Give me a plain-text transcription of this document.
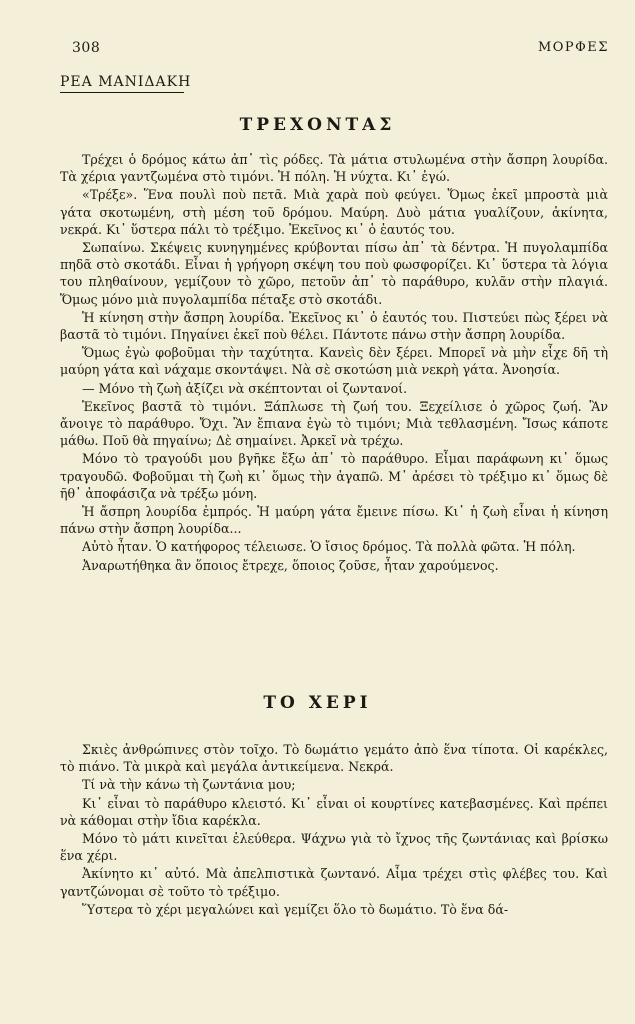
308	ΜΟΡΦΕΣ
ΡΕΑ ΜΑΝΙΔΑΚΗ
ΤΡΕΧΟΝΤΑΣ

Τρέχει ὁ δρόμος κάτω ἀπ᾽ τὶς ρόδες. Τὰ μάτια στυλωμένα στὴν ἄσπρη λουρίδα. Τὰ χέρια γαντζωμένα στὸ τιμόνι. Ἡ πόλη. Ἡ νύχτα. Κι᾽ ἐγώ.

«Τρέξε». Ἕνα πουλὶ ποὺ πετᾶ. Μιὰ χαρὰ ποὺ φεύγει. Ὅμως ἐκεῖ μπροστὰ μιὰ γάτα σκοτωμένη, στὴ μέση τοῦ δρόμου. Μαύρη. Δυὸ μάτια γυαλίζουν, ἀκίνητα, νεκρά. Κι᾽ ὕστερα πάλι τὸ τρέξιμο. Ἐκεῖνος κι᾽ ὁ ἑαυτός του.

Σωπαίνω. Σκέψεις κυνηγημένες κρύβονται πίσω ἀπ᾽ τὰ δέντρα. Ἡ πυγολαμπίδα πηδᾶ στὸ σκοτάδι. Εἶναι ἡ γρήγορη σκέψη του ποὺ φωσφορίζει. Κι᾽ ὕστερα τὰ λόγια του πληθαίνουν, γεμίζουν τὸ χῶρο, πετοῦν ἀπ᾽ τὸ παράθυρο, κυλᾶν στὴν πλαγιά. Ὅμως μόνο μιὰ πυγολαμπίδα πέταξε στὸ σκοτάδι.

Ἡ κίνηση στὴν ἄσπρη λουρίδα. Ἐκεῖνος κι᾽ ὁ ἑαυτός του. Πιστεύει πὼς ξέρει νὰ βαστᾶ τὸ τιμόνι. Πηγαίνει ἐκεῖ ποὺ θέλει. Πάντοτε πάνω στὴν ἄσπρη λουρίδα.

Ὅμως ἐγὼ φοβοῦμαι τὴν ταχύτητα. Κανεὶς δὲν ξέρει. Μπορεῖ νὰ μὴν εἶχε δῆ τὴ μαύρη γάτα καὶ νάχαμε σκοντάψει. Νὰ σὲ σκοτώση μιὰ νεκρὴ γάτα. Ἀνοησία.

— Μόνο τὴ ζωὴ ἀξίζει νὰ σκέπτονται οἱ ζωντανοί.

Ἐκεῖνος βαστᾶ τὸ τιμόνι. Ξάπλωσε τὴ ζωή του. Ξεχείλισε ὁ χῶρος ζωή. Ἂν ἄνοιγε τὸ παράθυρο. Ὄχι. Ἂν ἔπιανα ἐγὼ τὸ τιμόνι; Μιὰ τεθλασμένη. Ἴσως κάποτε μάθω. Ποῦ θὰ πηγαίνω; Δὲ σημαίνει. Ἀρκεῖ νὰ τρέχω.

Μόνο τὸ τραγούδι μου βγῆκε ἔξω ἀπ᾽ τὸ παράθυρο. Εἶμαι παράφωνη κι᾽ ὅμως τραγουδῶ. Φοβοῦμαι τὴ ζωὴ κι᾽ ὅμως τὴν ἀγαπῶ. Μ᾽ ἀρέσει τὸ τρέξιμο κι᾽ ὅμως δὲ ῆθ᾽ ἀποφάσιζα νὰ τρέξω μόνη.

Ἡ ἄσπρη λουρίδα ἐμπρός. Ἡ μαύρη γάτα ἔμεινε πίσω. Κι᾽ ἡ ζωὴ εἶναι ἡ κίνηση πάνω στὴν ἄσπρη λουρίδα...

Αὐτὸ ἦταν. Ὁ κατήφορος τέλειωσε. Ὁ ἴσιος δρόμος. Τὰ πολλὰ φῶτα. Ἡ πόλη.

Ἀναρωτήθηκα ἂν ὅποιος ἔτρεχε, ὅποιος ζοῦσε, ἦταν χαρούμενος.

ΤΟ ΧΕΡΙ

Σκιὲς ἀνθρώπινες στὸν τοῖχο. Τὸ δωμάτιο γεμάτο ἀπὸ ἕνα τίποτα. Οἱ καρέκλες, τὸ πιάνο. Τὰ μικρὰ καὶ μεγάλα ἀντικείμενα. Νεκρά.

Τί νὰ τὴν κάνω τὴ ζωντάνια μου;

Κι᾽ εἶναι τὸ παράθυρο κλειστό. Κι᾽ εἶναι οἱ κουρτίνες κατεβασμένες. Καὶ πρέπει νὰ κάθομαι στὴν ἴδια καρέκλα.

Μόνο τὸ μάτι κινεῖται ἐλεύθερα. Ψάχνω γιὰ τὸ ἴχνος τῆς ζωντάνιας καὶ βρίσκω ἕνα χέρι.

Ἀκίνητο κι᾽ αὐτό. Μὰ ἀπελπιστικὰ ζωντανό. Αἷμα τρέχει στὶς φλέβες του. Καὶ γαντζώνομαι σὲ τοῦτο τὸ τρέξιμο.

Ὕστερα τὸ χέρι μεγαλώνει καὶ γεμίζει ὅλο τὸ δωμάτιο. Τὸ ἕνα δά-
